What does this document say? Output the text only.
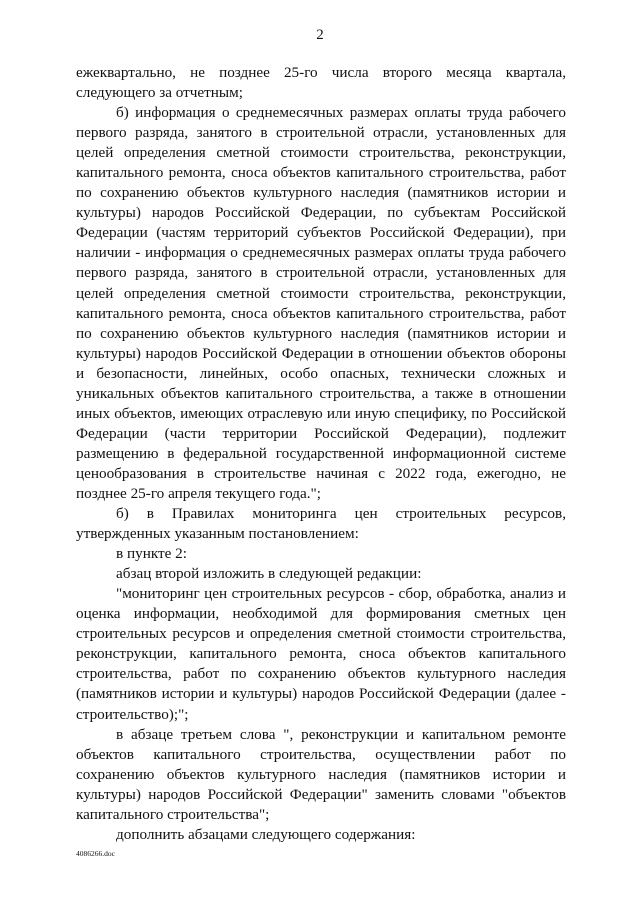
2

ежеквартально, не позднее 25-го числа второго месяца квартала, следующего за отчетным;

б) информация о среднемесячных размерах оплаты труда рабочего первого разряда, занятого в строительной отрасли, установленных для целей определения сметной стоимости строительства, реконструкции, капитального ремонта, сноса объектов капитального строительства, работ по сохранению объектов культурного наследия (памятников истории и культуры) народов Российской Федерации, по субъектам Российской Федерации (частям территорий субъектов Российской Федерации), при наличии - информация о среднемесячных размерах оплаты труда рабочего первого разряда, занятого в строительной отрасли, установленных для целей определения сметной стоимости строительства, реконструкции, капитального ремонта, сноса объектов капитального строительства, работ по сохранению объектов культурного наследия (памятников истории и культуры) народов Российской Федерации в отношении объектов обороны и безопасности, линейных, особо опасных, технически сложных и уникальных объектов капитального строительства, а также в отношении иных объектов, имеющих отраслевую или иную специфику, по Российской Федерации (части территории Российской Федерации), подлежит размещению в федеральной государственной информационной системе ценообразования в строительстве начиная с 2022 года, ежегодно, не позднее 25-го апреля текущего года.";

б) в Правилах мониторинга цен строительных ресурсов, утвержденных указанным постановлением:

в пункте 2:

абзац второй изложить в следующей редакции:

"мониторинг цен строительных ресурсов - сбор, обработка, анализ и оценка информации, необходимой для формирования сметных цен строительных ресурсов и определения сметной стоимости строительства, реконструкции, капитального ремонта, сноса объектов капитального строительства, работ по сохранению объектов культурного наследия (памятников истории и культуры) народов Российской Федерации (далее - строительство);";

в абзаце третьем слова ", реконструкции и капитальном ремонте объектов капитального строительства, осуществлении работ по сохранению объектов культурного наследия (памятников истории и культуры) народов Российской Федерации" заменить словами "объектов капитального строительства";

дополнить абзацами следующего содержания:

4086266.doc
